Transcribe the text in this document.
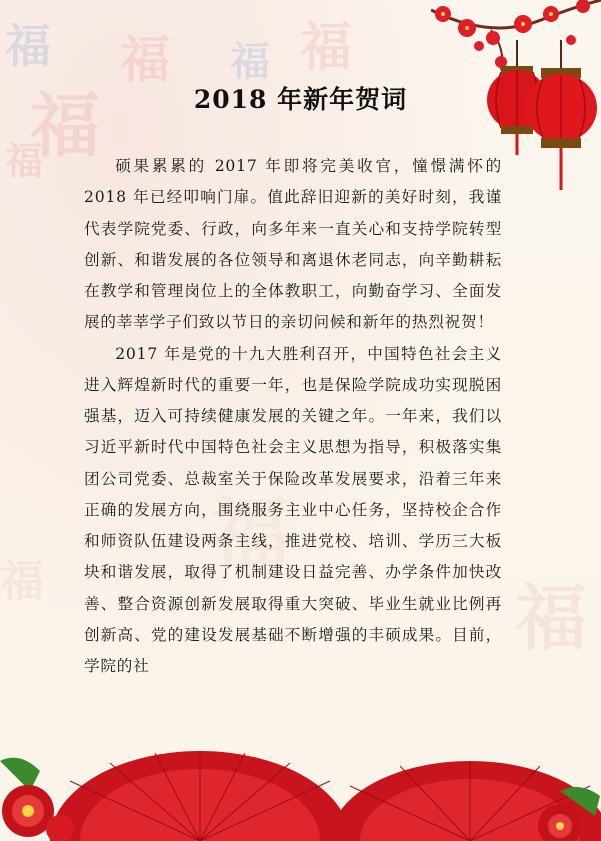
福
福 福 福 福
福
福
福
福
2018 年新年贺词

硕果累累的 2017 年即将完美收官，憧憬满怀的 2018 年已经叩响门扉。值此辞旧迎新的美好时刻，我谨代表学院党委、行政，向多年来一直关心和支持学院转型创新、和谐发展的各位领导和离退休老同志，向辛勤耕耘在教学和管理岗位上的全体教职工，向勤奋学习、全面发展的莘莘学子们致以节日的亲切问候和新年的热烈祝贺！

2017 年是党的十九大胜利召开，中国特色社会主义进入辉煌新时代的重要一年，也是保险学院成功实现脱困强基，迈入可持续健康发展的关键之年。一年来，我们以习近平新时代中国特色社会主义思想为指导，积极落实集团公司党委、总裁室关于保险改革发展要求，沿着三年来正确的发展方向，围绕服务主业中心任务，坚持校企合作和师资队伍建设两条主线，推进党校、培训、学历三大板块和谐发展，取得了机制建设日益完善、办学条件加快改善、整合资源创新发展取得重大突破、毕业生就业比例再创新高、党的建设发展基础不断增强的丰硕成果。目前，学院的社
